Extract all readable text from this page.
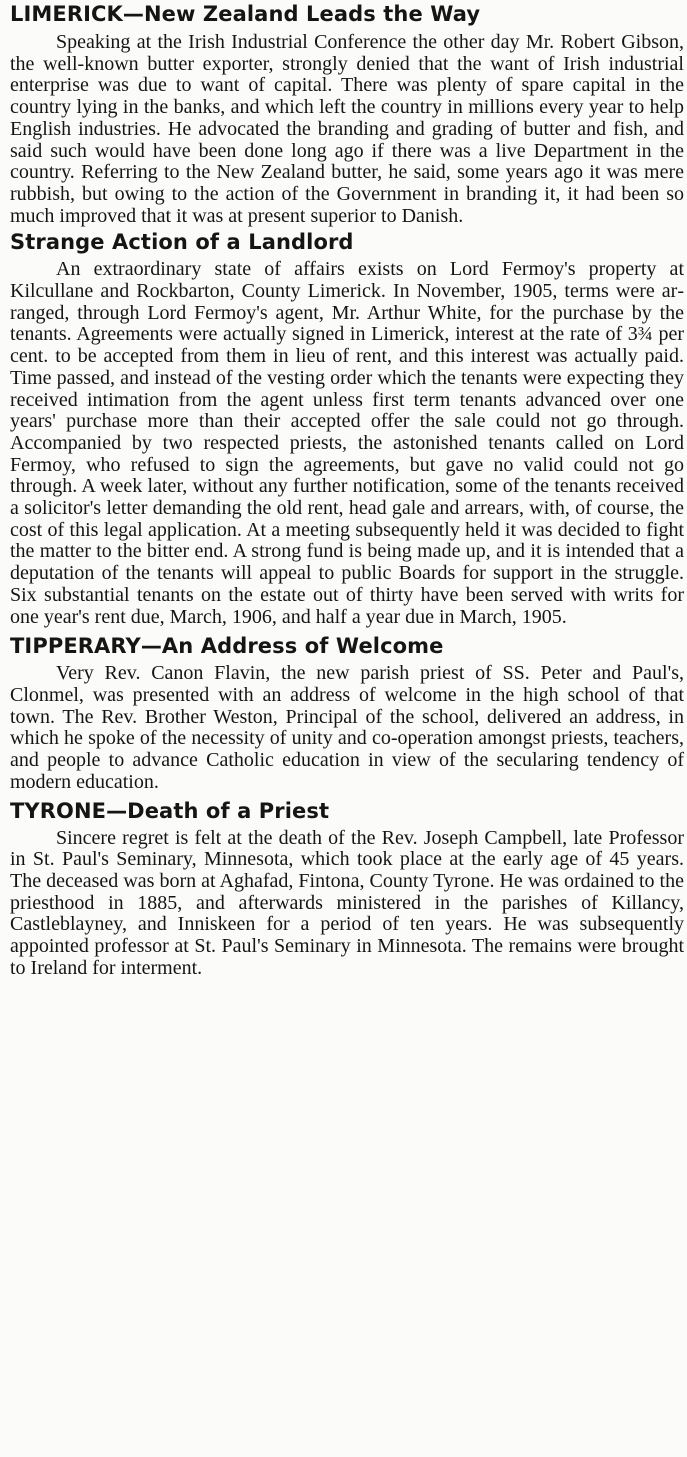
LIMERICK—New Zealand Leads the Way

Speaking at the Irish Industrial Conference the other day Mr. Robert Gibson, the well-known butter exporter, strongly denied that the want of Irish industrial enterprise was due to want of capital. There was plenty of spare capital in the country lying in the banks, and which left the country in millions every year to help English industries. He advocated the branding and grading of butter and fish, and said such would have been done long ago if there was a live Department in the country. Referring to the New Zealand butter, he said, some years ago it was mere rubbish, but owing to the action of the Government in branding it, it had been so much improved that it was at present superior to Danish.

Strange Action of a Landlord

An extraordinary state of affairs exists on Lord Fermoy's property at Kilcullane and Rockbarton, County Limerick. In November, 1905, terms were arranged, through Lord Fermoy's agent, Mr. Arthur White, for the purchase by the tenants. Agreements were actually signed in Limerick, interest at the rate of 3¾ per cent. to be accepted from them in lieu of rent, and this interest was actually paid. Time passed, and instead of the vesting order which the tenants were expecting they received intimation from the agent unless first term tenants advanced over one years' purchase more than their accepted offer the sale could not go through. Accompanied by two respected priests, the astonished tenants called on Lord Fermoy, who refused to sign the agreements, but gave no valid could not go through. A week later, without any further notification, some of the tenants received a solicitor's letter demanding the old rent, head gale and arrears, with, of course, the cost of this legal application. At a meeting subsequently held it was decided to fight the matter to the bitter end. A strong fund is being made up, and it is intended that a deputation of the tenants will appeal to public Boards for support in the struggle. Six substantial tenants on the estate out of thirty have been served with writs for one year's rent due, March, 1906, and half a year due in March, 1905.

TIPPERARY—An Address of Welcome

Very Rev. Canon Flavin, the new parish priest of SS. Peter and Paul's, Clonmel, was presented with an address of welcome in the high school of that town. The Rev. Brother Weston, Principal of the school, delivered an address, in which he spoke of the necessity of unity and co-operation amongst priests, teachers, and people to advance Catholic education in view of the secularing tendency of modern education.

TYRONE—Death of a Priest

Sincere regret is felt at the death of the Rev. Joseph Campbell, late Professor in St. Paul's Seminary, Minnesota, which took place at the early age of 45 years. The deceased was born at Aghafad, Fintona, County Tyrone. He was ordained to the priesthood in 1885, and afterwards ministered in the parishes of Killancy, Castleblayney, and Inniskeen for a period of ten years. He was subsequently appointed professor at St. Paul's Seminary in Minnesota. The remains were brought to Ireland for interment.
